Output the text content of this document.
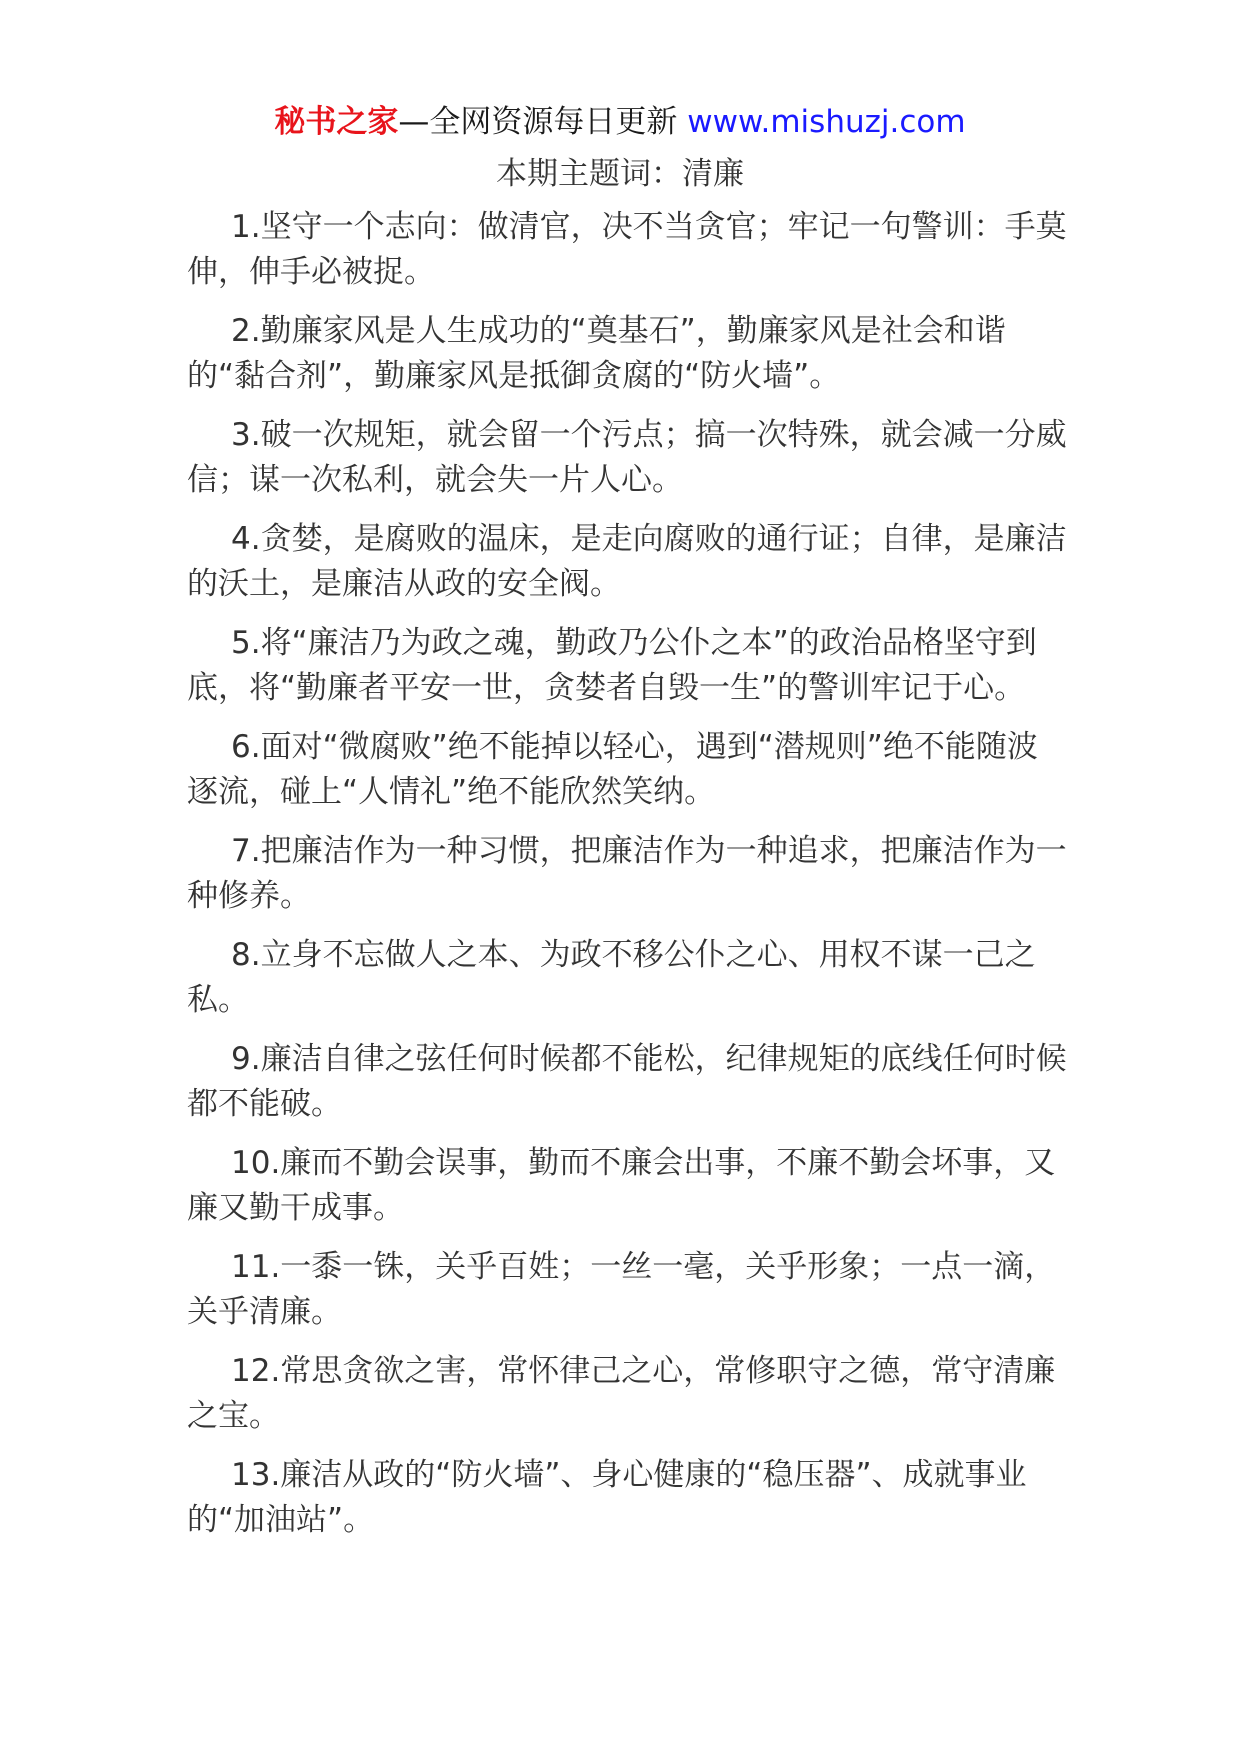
秘书之家—全网资源每日更新 www.mishuzj.com
本期主题词：清廉

1.坚守一个志向：做清官，决不当贪官；牢记一句警训：手莫伸，伸手必被捉。

2.勤廉家风是人生成功的“奠基石”，勤廉家风是社会和谐的“黏合剂”，勤廉家风是抵御贪腐的“防火墙”。

3.破一次规矩，就会留一个污点；搞一次特殊，就会减一分威信；谋一次私利，就会失一片人心。

4.贪婪，是腐败的温床，是走向腐败的通行证；自律，是廉洁的沃土，是廉洁从政的安全阀。

5.将“廉洁乃为政之魂，勤政乃公仆之本”的政治品格坚守到底，将“勤廉者平安一世，贪婪者自毁一生”的警训牢记于心。

6.面对“微腐败”绝不能掉以轻心，遇到“潜规则”绝不能随波逐流，碰上“人情礼”绝不能欣然笑纳。

7.把廉洁作为一种习惯，把廉洁作为一种追求，把廉洁作为一种修养。

8.立身不忘做人之本、为政不移公仆之心、用权不谋一己之私。

9.廉洁自律之弦任何时候都不能松，纪律规矩的底线任何时候都不能破。

10.廉而不勤会误事，勤而不廉会出事，不廉不勤会坏事，又廉又勤干成事。

11.一黍一铢，关乎百姓；一丝一毫，关乎形象；一点一滴，关乎清廉。

12.常思贪欲之害，常怀律己之心，常修职守之德，常守清廉之宝。

13.廉洁从政的“防火墙”、身心健康的“稳压器”、成就事业的“加油站”。
